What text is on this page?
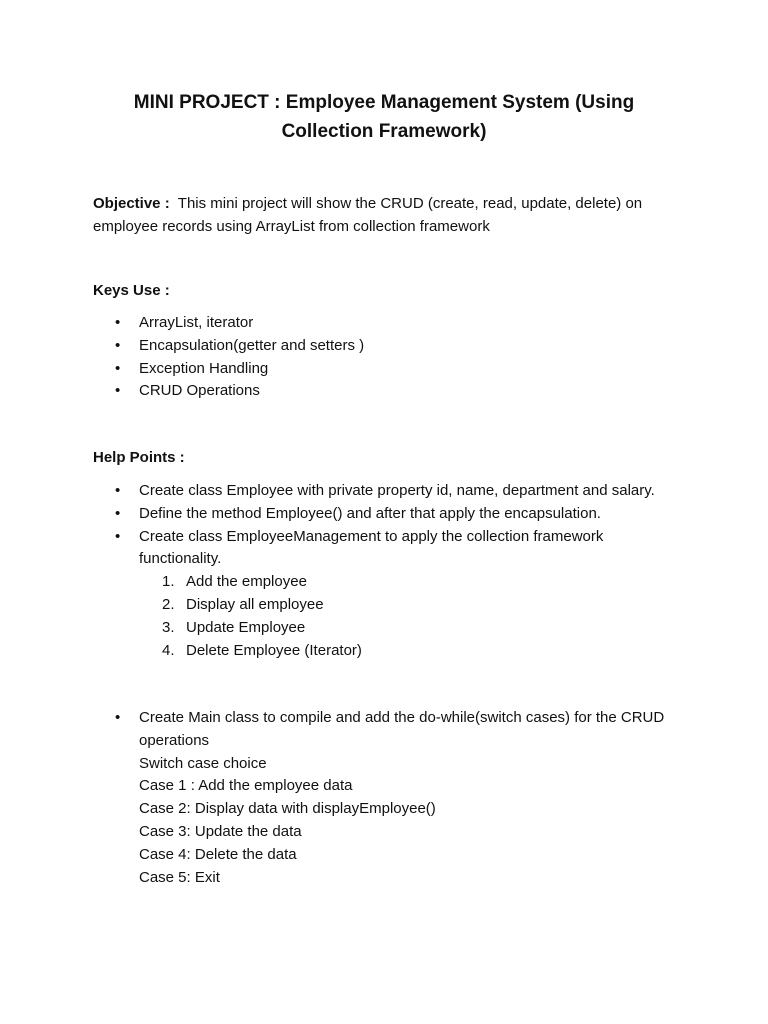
MINI PROJECT : Employee Management System (Using
Collection Framework)

Objective : This mini project will show the CRUD (create, read, update, delete) on employee records using ArrayList from collection framework

Keys Use :

• ArrayList, iterator
• Encapsulation(getter and setters )
• Exception Handling
• CRUD Operations

Help Points :

• Create class Employee with private property id, name, department and salary.
• Define the method Employee() and after that apply the encapsulation.
• Create class EmployeeManagement to apply the collection framework functionality.
1. Add the employee
2. Display all employee
3. Update Employee
4. Delete Employee (Iterator)
• Create Main class to compile and add the do-while(switch cases) for the CRUD operations
Switch case choice
Case 1 : Add the employee data
Case 2: Display data with displayEmployee()
Case 3: Update the data
Case 4: Delete the data
Case 5: Exit
